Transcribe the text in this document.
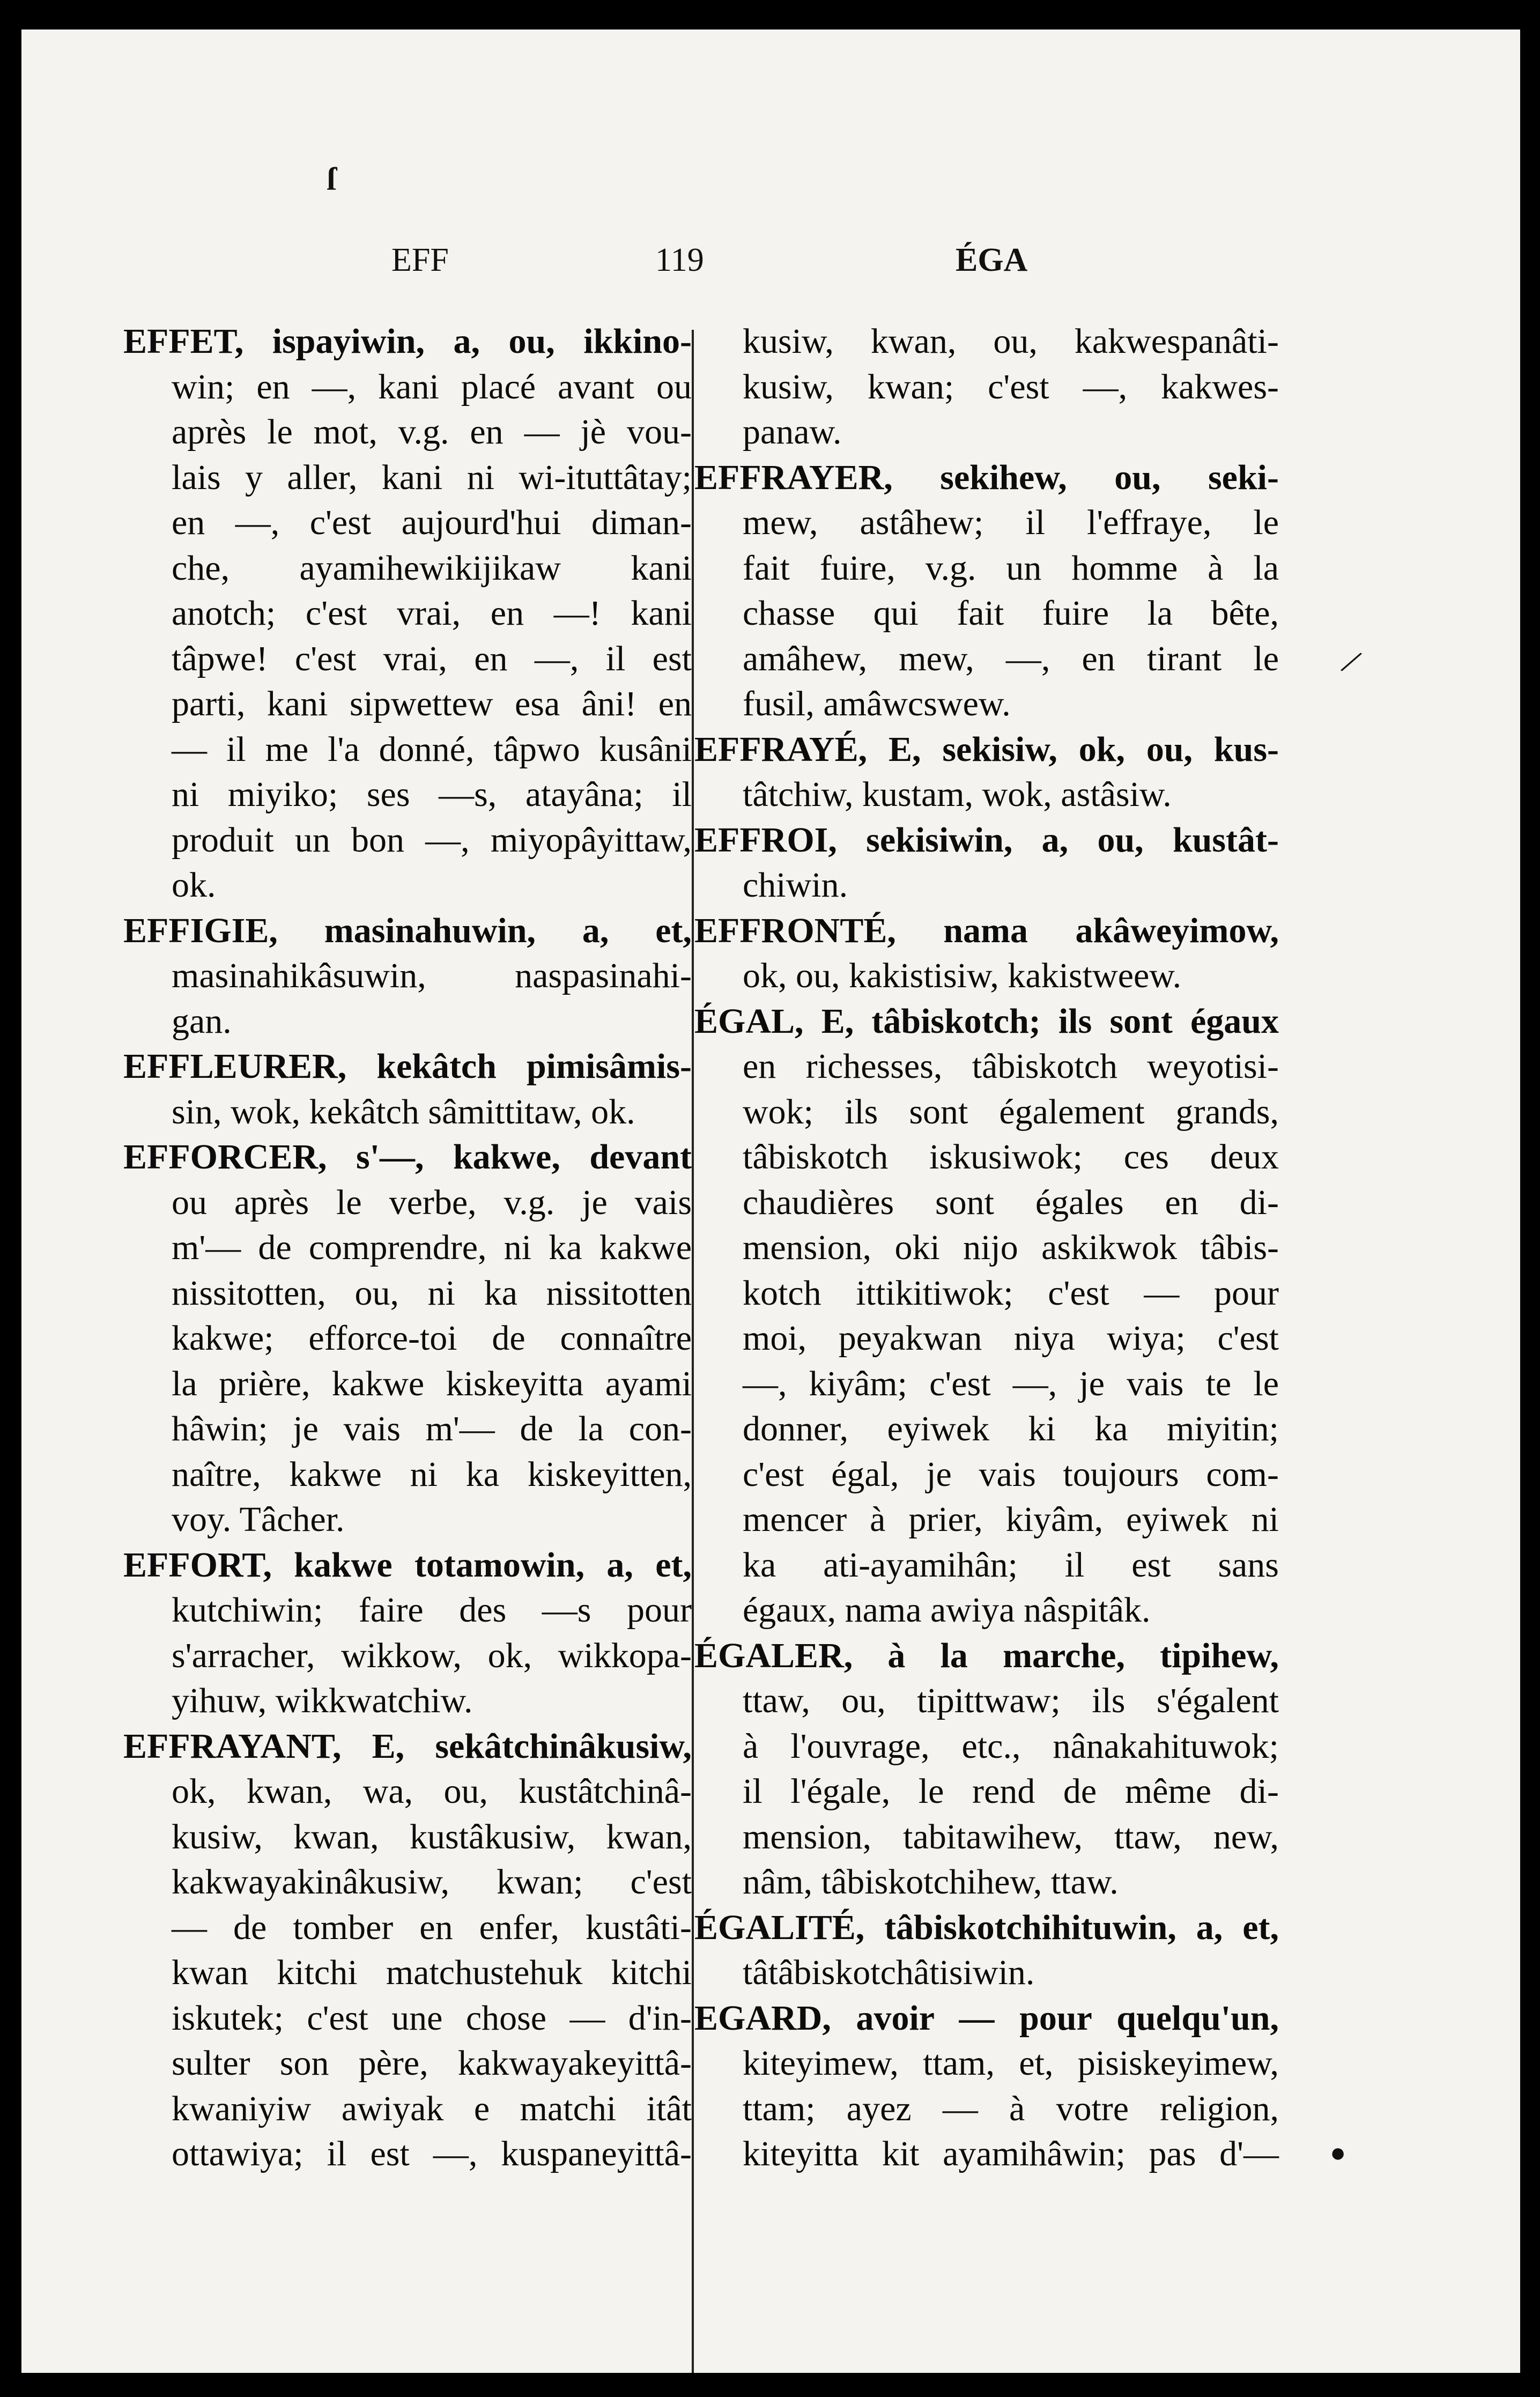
EFF	119	ÉGA
EFFET, ispayiwin, a, ou, ikkino-
win; en —, kani placé avant ou
après le mot, v.g. en — jè vou-
lais y aller, kani ni wi-ituttâtay;
en —, c'est aujourd'hui diman-
che, ayamihewikijikaw kani
anotch; c'est vrai, en —! kani
tâpwe! c'est vrai, en —, il est
parti, kani sipwettew esa âni! en
— il me l'a donné, tâpwo kusâni
ni miyiko; ses —s, atayâna; il
produit un bon —, miyopâyittaw,
ok.
EFFIGIE, masinahuwin, a, et,
masinahikâsuwin, naspasinahi-
gan.
EFFLEURER, kekâtch pimisâmis-
sin, wok, kekâtch sâmittitaw, ok.
EFFORCER, s'—, kakwe, devant
ou après le verbe, v.g. je vais
m'— de comprendre, ni ka kakwe
nissitotten, ou, ni ka nissitotten
kakwe; efforce-toi de connaître
la prière, kakwe kiskeyitta ayami
hâwin; je vais m'— de la con-
naître, kakwe ni ka kiskeyitten,
voy. Tâcher.
EFFORT, kakwe totamowin, a, et,
kutchiwin; faire des —s pour
s'arracher, wikkow, ok, wikkopa-
yihuw, wikkwatchiw.
EFFRAYANT, E, sekâtchinâkusiw,
ok, kwan, wa, ou, kustâtchinâ-
kusiw, kwan, kustâkusiw, kwan,
kakwayakinâkusiw, kwan; c'est
— de tomber en enfer, kustâti-
kwan kitchi matchustehuk kitchi
iskutek; c'est une chose — d'in-
sulter son père, kakwayakeyittâ-
kwaniyiw awiyak e matchi itât
ottawiya; il est —, kuspaneyittâ-
kusiw, kwan, ou, kakwespanâti-
kusiw, kwan; c'est —, kakwes-
panaw.
EFFRAYER, sekihew, ou, seki-
mew, astâhew; il l'effraye, le
fait fuire, v.g. un homme à la
chasse qui fait fuire la bête,
amâhew, mew, —, en tirant le
fusil, amâwcswew.
EFFRAYÉ, E, sekisiw, ok, ou, kus-
tâtchiw, kustam, wok, astâsiw.
EFFROI, sekisiwin, a, ou, kustât-
chiwin.
EFFRONTÉ, nama akâweyimow,
ok, ou, kakistisiw, kakistweew.
ÉGAL, E, tâbiskotch; ils sont égaux
en richesses, tâbiskotch weyotisi-
wok; ils sont également grands,
tâbiskotch iskusiwok; ces deux
chaudières sont égales en di-
mension, oki nijo askikwok tâbis-
kotch ittikitiwok; c'est — pour
moi, peyakwan niya wiya; c'est
—, kiyâm; c'est —, je vais te le
donner, eyiwek ki ka miyitin;
c'est égal, je vais toujours com-
mencer à prier, kiyâm, eyiwek ni
ka ati-ayamihân; il est sans
égaux, nama awiya nâspitâk.
ÉGALER, à la marche, tipihew,
ttaw, ou, tipittwaw; ils s'égalent
à l'ouvrage, etc., nânakahituwok;
il l'égale, le rend de même di-
mension, tabitawihew, ttaw, new,
nâm, tâbiskotchihew, ttaw.
ÉGALITÉ, tâbiskotchihituwin, a, et,
tâtâbiskotchâtisiwin.
EGARD, avoir — pour quelqu'un,
kiteyimew, ttam, et, pisiskeyimew,
ttam; ayez — à votre religion,
kiteyitta kit ayamihâwin; pas d'—
ſ
/
●
